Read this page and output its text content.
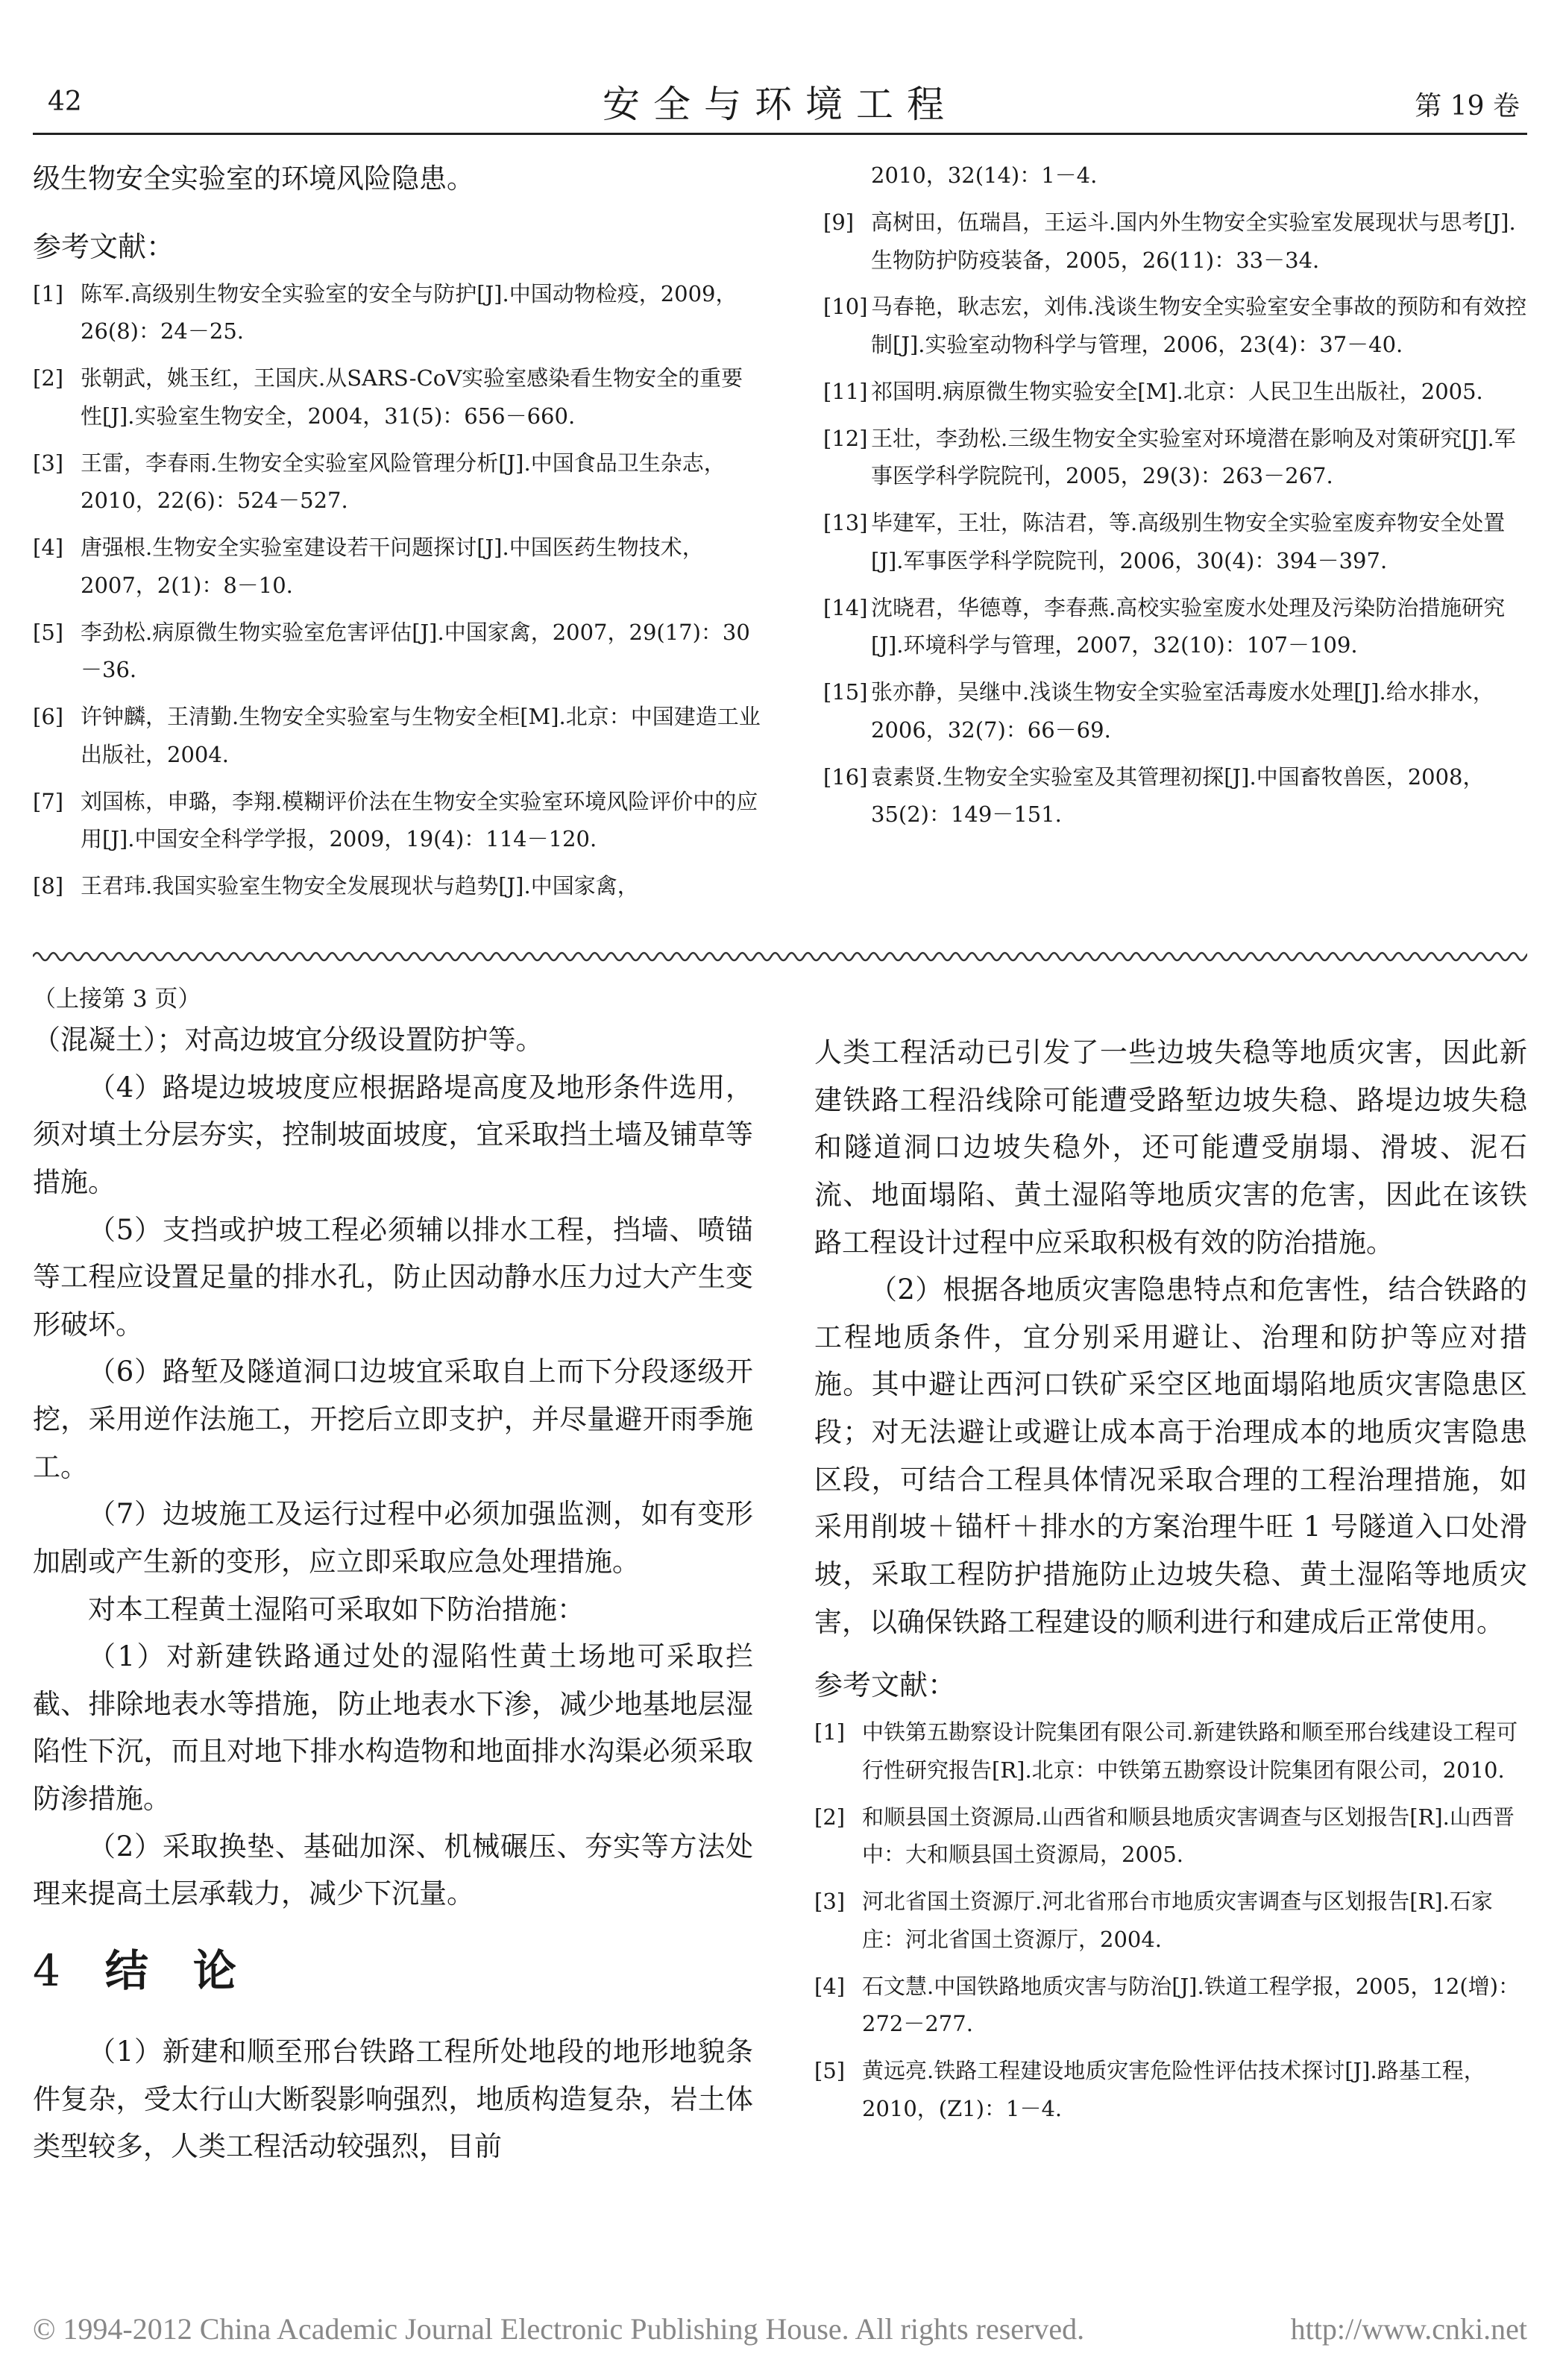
42	安全与环境工程	第 19 卷

级生物安全实验室的环境风险隐患。

参考文献：
[1] 陈军.高级别生物安全实验室的安全与防护[J].中国动物检疫，2009，26(8)：24－25.
[2] 张朝武，姚玉红，王国庆.从SARS-CoV实验室感染看生物安全的重要性[J].实验室生物安全，2004，31(5)：656－660.
[3] 王雷，李春雨.生物安全实验室风险管理分析[J].中国食品卫生杂志，2010，22(6)：524－527.
[4] 唐强根.生物安全实验室建设若干问题探讨[J].中国医药生物技术，2007，2(1)：8－10.
[5] 李劲松.病原微生物实验室危害评估[J].中国家禽，2007，29(17)：30－36.
[6] 许钟麟，王清勤.生物安全实验室与生物安全柜[M].北京：中国建造工业出版社，2004.
[7] 刘国栋，申璐，李翔.模糊评价法在生物安全实验室环境风险评价中的应用[J].中国安全科学学报，2009，19(4)：114－120.
[8] 王君玮.我国实验室生物安全发展现状与趋势[J].中国家禽，
2010，32(14)：1－4.
[9] 高树田，伍瑞昌，王运斗.国内外生物安全实验室发展现状与思考[J].生物防护防疫装备，2005，26(11)：33－34.
[10] 马春艳，耿志宏，刘伟.浅谈生物安全实验室安全事故的预防和有效控制[J].实验室动物科学与管理，2006，23(4)：37－40.
[11] 祁国明.病原微生物实验安全[M].北京：人民卫生出版社，2005.
[12] 王壮，李劲松.三级生物安全实验室对环境潜在影响及对策研究[J].军事医学科学院院刊，2005，29(3)：263－267.
[13] 毕建军，王壮，陈洁君，等.高级别生物安全实验室废弃物安全处置[J].军事医学科学院院刊，2006，30(4)：394－397.
[14] 沈晓君，华德尊，李春燕.高校实验室废水处理及污染防治措施研究[J].环境科学与管理，2007，32(10)：107－109.
[15] 张亦静，吴继中.浅谈生物安全实验室活毒废水处理[J].给水排水，2006，32(7)：66－69.
[16] 袁素贤.生物安全实验室及其管理初探[J].中国畜牧兽医，2008，35(2)：149－151.
（上接第 3 页）

（混凝土）；对高边坡宜分级设置防护等。

（4）路堤边坡坡度应根据路堤高度及地形条件选用，须对填土分层夯实，控制坡面坡度，宜采取挡土墙及铺草等措施。

（5）支挡或护坡工程必须辅以排水工程，挡墙、喷锚等工程应设置足量的排水孔，防止因动静水压力过大产生变形破坏。

（6）路堑及隧道洞口边坡宜采取自上而下分段逐级开挖，采用逆作法施工，开挖后立即支护，并尽量避开雨季施工。

（7）边坡施工及运行过程中必须加强监测，如有变形加剧或产生新的变形，应立即采取应急处理措施。

对本工程黄土湿陷可采取如下防治措施：

（1）对新建铁路通过处的湿陷性黄土场地可采取拦截、排除地表水等措施，防止地表水下渗，减少地基地层湿陷性下沉，而且对地下排水构造物和地面排水沟渠必须采取防渗措施。

（2）采取换垫、基础加深、机械碾压、夯实等方法处理来提高土层承载力，减少下沉量。

4 结论

（1）新建和顺至邢台铁路工程所处地段的地形地貌条件复杂，受太行山大断裂影响强烈，地质构造复杂，岩土体类型较多，人类工程活动较强烈，目前

人类工程活动已引发了一些边坡失稳等地质灾害，因此新建铁路工程沿线除可能遭受路堑边坡失稳、路堤边坡失稳和隧道洞口边坡失稳外，还可能遭受崩塌、滑坡、泥石流、地面塌陷、黄土湿陷等地质灾害的危害，因此在该铁路工程设计过程中应采取积极有效的防治措施。

（2）根据各地质灾害隐患特点和危害性，结合铁路的工程地质条件，宜分别采用避让、治理和防护等应对措施。其中避让西河口铁矿采空区地面塌陷地质灾害隐患区段；对无法避让或避让成本高于治理成本的地质灾害隐患区段，可结合工程具体情况采取合理的工程治理措施，如采用削坡＋锚杆＋排水的方案治理牛旺 1 号隧道入口处滑坡，采取工程防护措施防止边坡失稳、黄土湿陷等地质灾害，以确保铁路工程建设的顺利进行和建成后正常使用。

参考文献：
[1] 中铁第五勘察设计院集团有限公司.新建铁路和顺至邢台线建设工程可行性研究报告[R].北京：中铁第五勘察设计院集团有限公司，2010.
[2] 和顺县国土资源局.山西省和顺县地质灾害调查与区划报告[R].山西晋中：大和顺县国土资源局，2005.
[3] 河北省国土资源厅.河北省邢台市地质灾害调查与区划报告[R].石家庄：河北省国土资源厅，2004.
[4] 石文慧.中国铁路地质灾害与防治[J].铁道工程学报，2005，12(增)：272－277.
[5] 黄远亮.铁路工程建设地质灾害危险性评估技术探讨[J].路基工程，2010，(Z1)：1－4.
© 1994-2012 China Academic Journal Electronic Publishing House. All rights reserved.	http://www.cnki.net
